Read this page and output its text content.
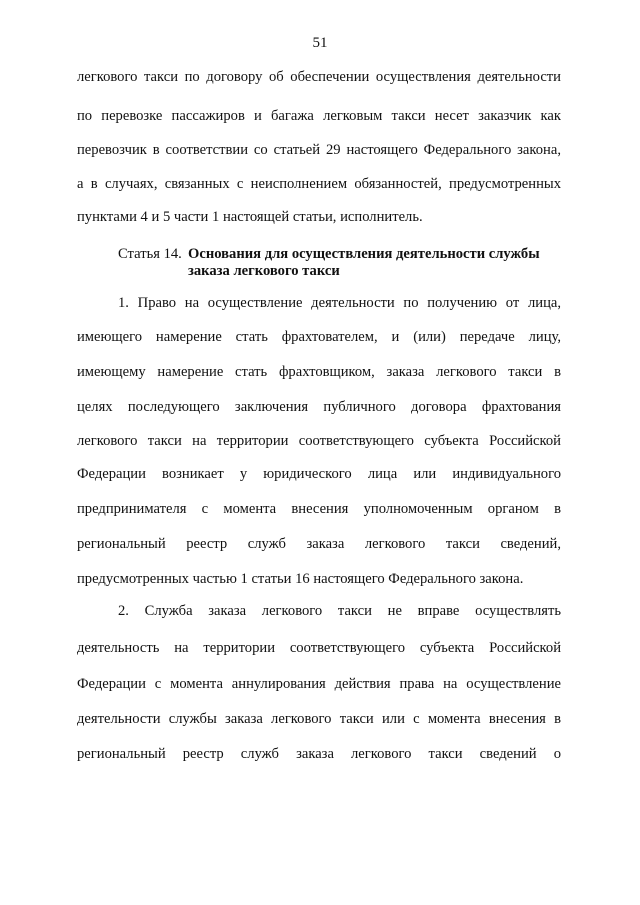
51
легкового такси по договору об обеспечении осуществления деятельности
по перевозке пассажиров и багажа легковым такси несет заказчик как
перевозчик в соответствии со статьей 29 настоящего Федерального закона,
а в случаях, связанных с неисполнением обязанностей, предусмотренных
пунктами 4 и 5 части 1 настоящей статьи, исполнитель.
Статья 14. Основания для осуществления деятельности службы
заказа легкового такси
1. Право на осуществление деятельности по получению от лица,
имеющего намерение стать фрахтователем, и (или) передаче лицу,
имеющему намерение стать фрахтовщиком, заказа легкового такси в
целях последующего заключения публичного договора фрахтования
легкового такси на территории соответствующего субъекта Российской
Федерации возникает у юридического лица или индивидуального
предпринимателя с момента внесения уполномоченным органом в
региональный реестр служб заказа легкового такси сведений,
предусмотренных частью 1 статьи 16 настоящего Федерального закона.
2. Служба заказа легкового такси не вправе осуществлять
деятельность на территории соответствующего субъекта Российской
Федерации с момента аннулирования действия права на осуществление
деятельности службы заказа легкового такси или с момента внесения в
региональный реестр служб заказа легкового такси сведений о
